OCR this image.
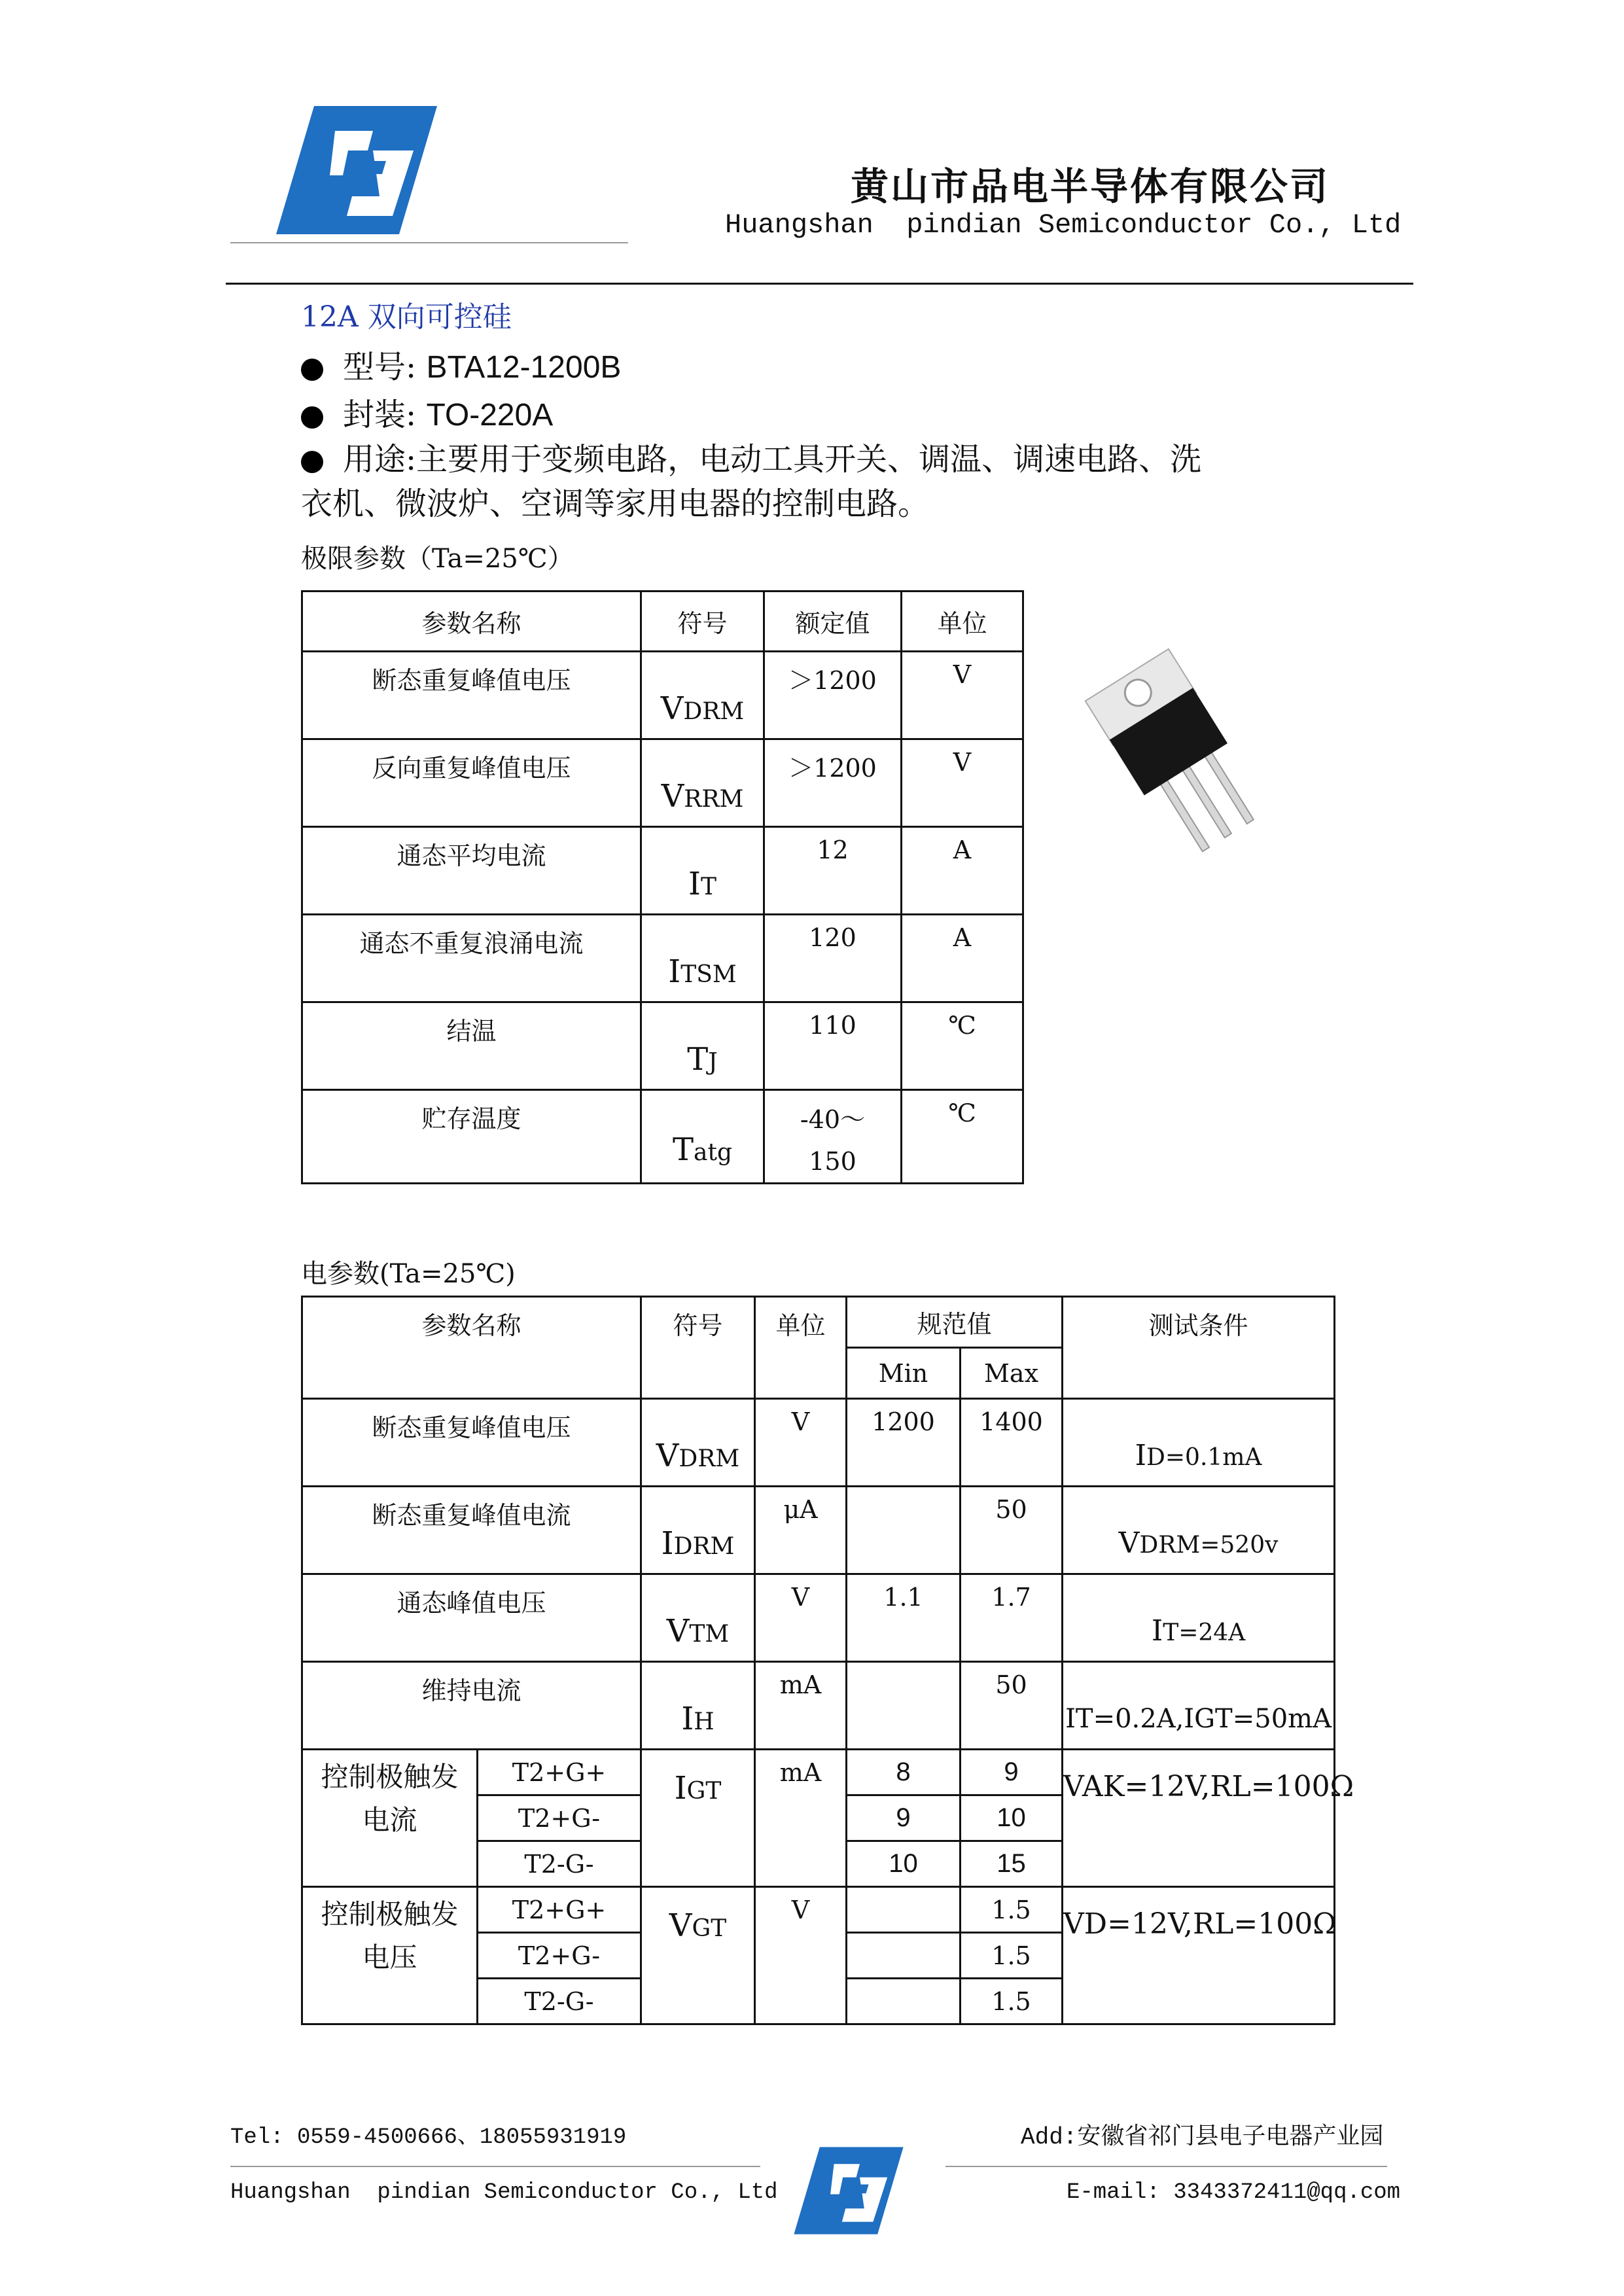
黄山市品电半导体有限公司
Huangshan  pindian Semiconductor Co., Ltd
12A 双向可控硅
型号: BTA12-1200B
封装: TO-220A
用途:主要用于变频电路，电动工具开关、调温、调速电路、洗衣机、微波炉、空调等家用电器的控制电路。
极限参数（Ta=25℃）
参数名称	符号	额定值	单位
断态重复峰值电压	VDRM	＞1200	V
反向重复峰值电压	VRRM	＞1200	V
通态平均电流	IT	12	A
通态不重复浪涌电流	ITSM	120	A
结温	TJ	110	℃
贮存温度	Tatg	-40～150	℃
电参数(Ta=25℃)
参数名称		符号	单位	规范值		测试条件
				Min	Max	
断态重复峰值电压		VDRM	V	1200	1400	ID=0.1mA
断态重复峰值电流		IDRM	μA		50	VDRM=520v
通态峰值电压		VTM	V	1.1	1.7	IT=24A
维持电流		IH	mA		50	IT=0.2A,IGT=50mA
控制极触发电流	T2+G+	IGT	mA	8	9	VAK=12V,RL=100Ω
	T2+G-			9	10	
	T2-G-			10	15	
控制极触发电压	T2+G+	VGT	V		1.5	VD=12V,RL=100Ω
	T2+G-				1.5	
	T2-G-				1.5	
Tel: 0559-4500666、18055931919	Add:安徽省祁门县电子电器产业园
Huangshan  pindian Semiconductor Co., Ltd	E-mail: 3343372411@qq.com
